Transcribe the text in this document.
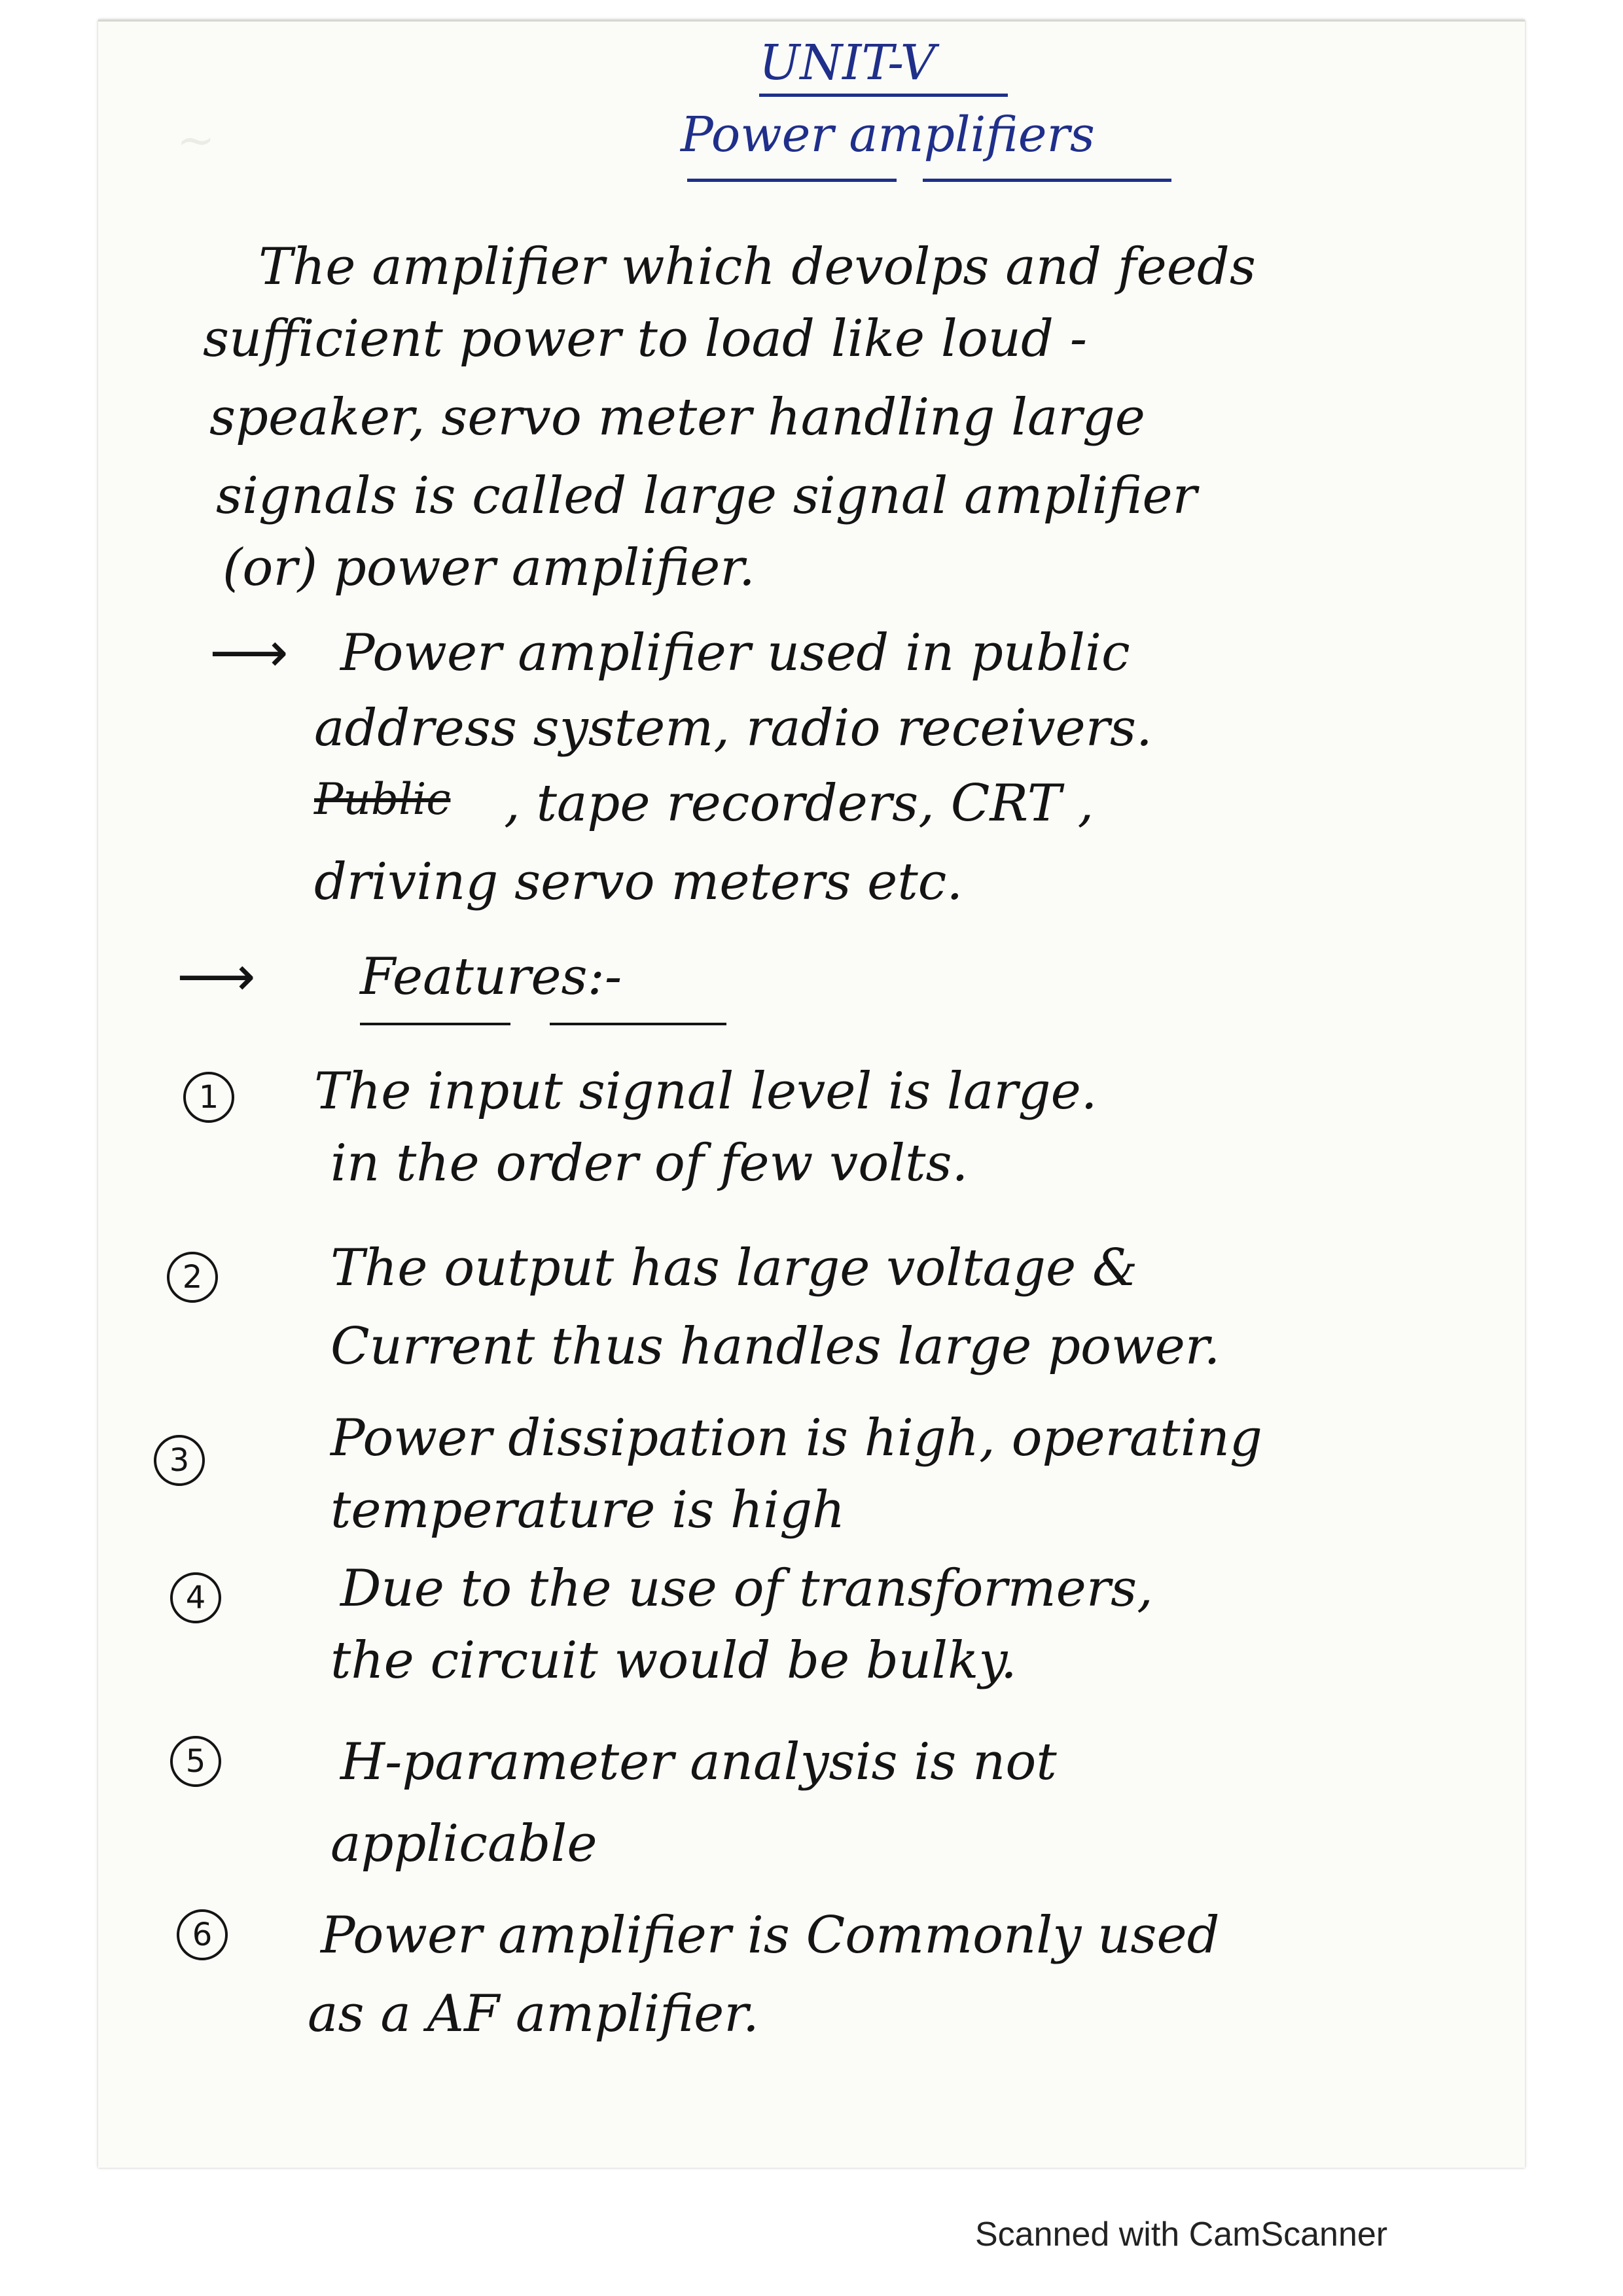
~
UNIT-V
Power amplifiers
The amplifier which devolps and feeds
sufficient power to load like loud -
speaker, servo meter handling large
signals is called large signal amplifier
(or) power amplifier.
⟶ Power amplifier used in public
address system, radio receivers.
Public , tape recorders, CRT ,
driving servo meters etc.
⟶ Features:-
1	The input signal level is large.
in the order of few volts.
2	The output has large voltage &
Current thus handles large power.
3	Power dissipation is high, operating
temperature is high
4	Due to the use of transformers,
the circuit would be bulky.
5	H-parameter analysis is not
applicable
6	Power amplifier is Commonly used
as a AF amplifier.
Scanned with CamScanner
